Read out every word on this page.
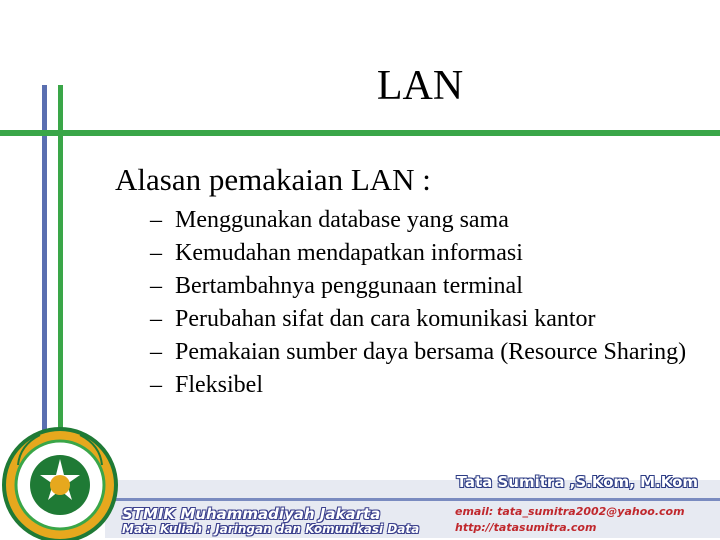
LAN
Alasan pemakaian LAN :
– Menggunakan database yang sama
– Kemudahan mendapatkan informasi
– Bertambahnya penggunaan terminal
– Perubahan sifat dan cara komunikasi kantor
– Pemakaian sumber daya bersama (Resource Sharing)
– Fleksibel
Tata Sumitra ,S.Kom, M.Kom
STMIK Muhammadiyah Jakarta
Mata Kuliah : Jaringan dan Komunikasi Data
email: tata_sumitra2002@yahoo.com
http://tatasumitra.com
